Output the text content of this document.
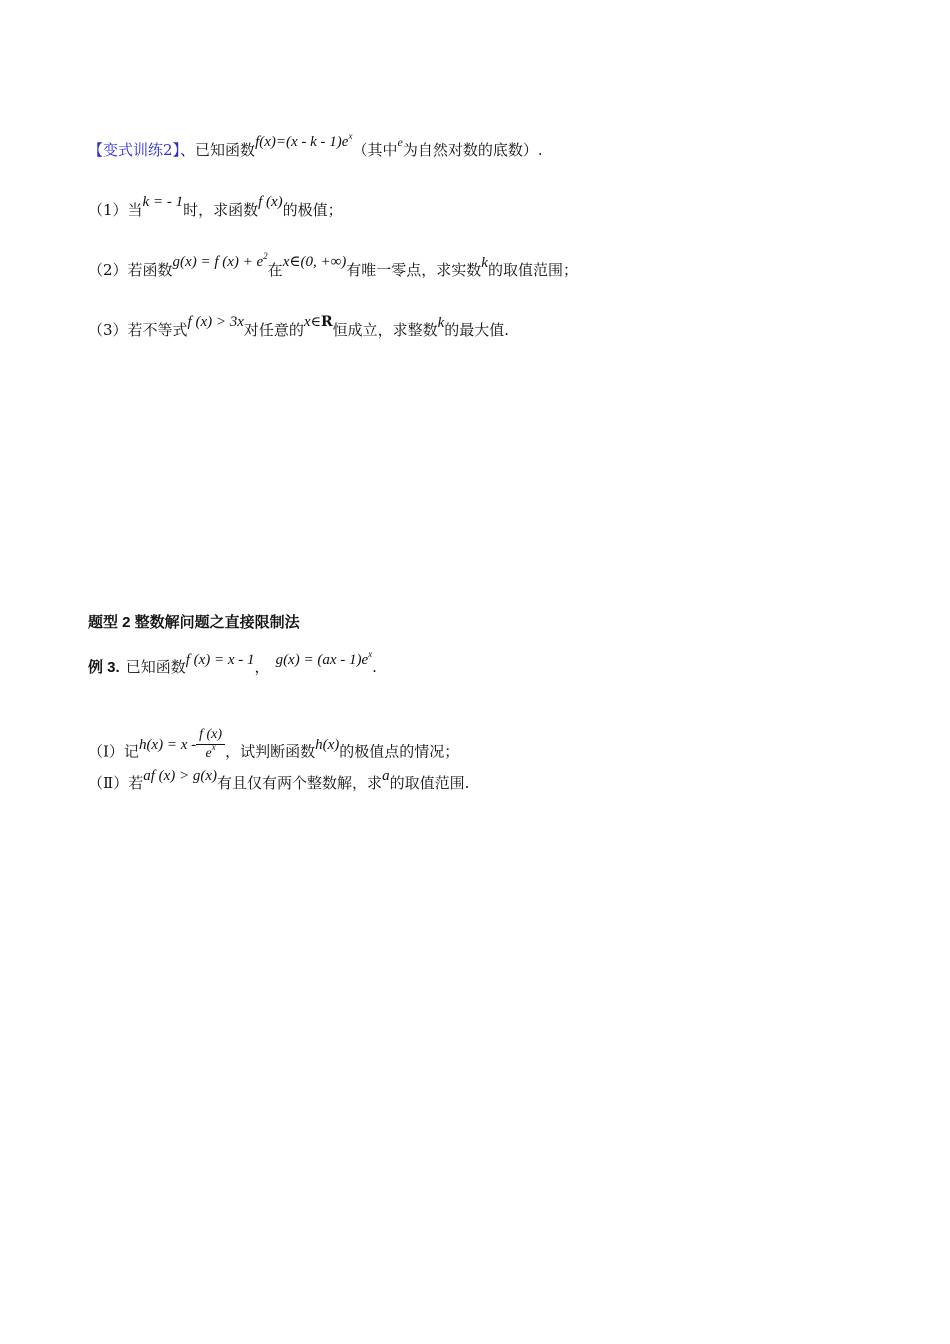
【变式训练2】、已知函数$f(x)=(x - k - 1)e^x$（其中$^e$为自然对数的底数）.
（1）当k = - 1时，求函数f (x)的极值；
（2）若函数g(x) = f $(x) + e^2$在x∈(0, +∞)有唯一零点，求实数k的取值范围；
（3）若不等式f (x) > 3x对任意的x∈R恒成立，求整数k的最大值.
题型 2 整数解问题之直接限制法
例 3. 已知函数f (x) = x - 1， $g(x) = (ax - 1)e^x$.
（Ⅰ）记$h(x) = x - \frac{f (x)}{e^x}$ ，试判断函数h(x)的极值点的情况；
（Ⅱ）若af (x) > g(x)有且仅有两个整数解，求a的取值范围.
